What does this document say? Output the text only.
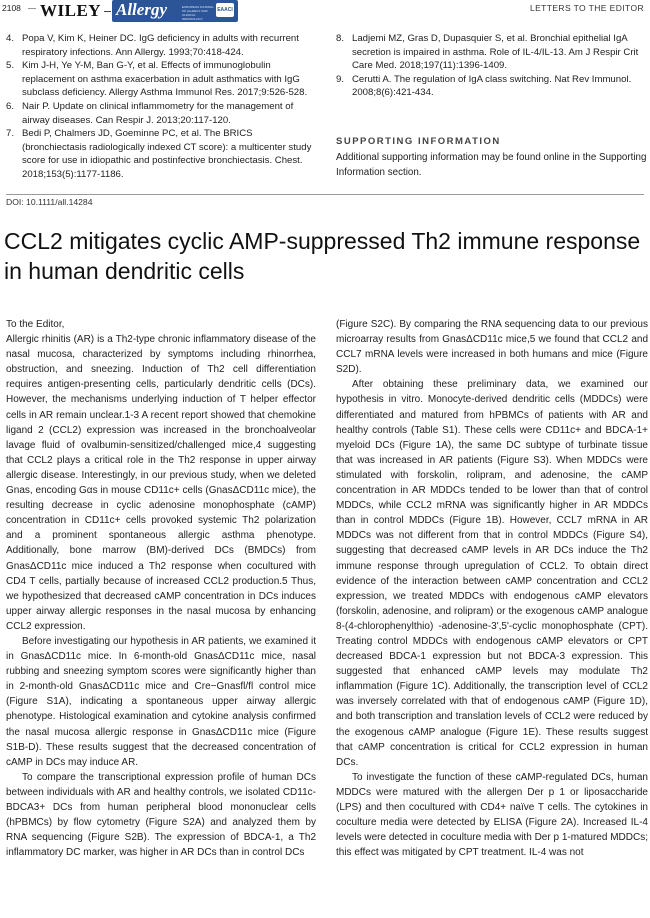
2108 WILEY Allergy	EUROPEAN JOURNAL OF ALLERGY AND CLINICAL IMMUNOLOGY
EAACI	LETTERS TO THE EDITOR
4. Popa V, Kim K, Heiner DC. IgG deficiency in adults with recurrent respiratory infections. Ann Allergy. 1993;70:418-424.
5. Kim J-H, Ye Y-M, Ban G-Y, et al. Effects of immunoglobulin replacement on asthma exacerbation in adult asthmatics with IgG subclass deficiency. Allergy Asthma Immunol Res. 2017;9:526-528.
6. Nair P. Update on clinical inflammometry for the management of airway diseases. Can Respir J. 2013;20:117-120.
7. Bedi P, Chalmers JD, Goeminne PC, et al. The BRICS (bronchiectasis radiologically indexed CT score): a multicenter study score for use in idiopathic and postinfective bronchiectasis. Chest. 2018;153(5):1177-1186.
8. Ladjemi MZ, Gras D, Dupasquier S, et al. Bronchial epithelial IgA secretion is impaired in asthma. Role of IL-4/IL-13. Am J Respir Crit Care Med. 2018;197(11):1396-1409.
9. Cerutti A. The regulation of IgA class switching. Nat Rev Immunol. 2008;8(6):421-434.
SUPPORTING INFORMATION
Additional supporting information may be found online in the Supporting Information section.
DOI: 10.1111/all.14284
CCL2 mitigates cyclic AMP-suppressed Th2 immune response in human dendritic cells

To the Editor,

Allergic rhinitis (AR) is a Th2-type chronic inflammatory disease of the nasal mucosa, characterized by symptoms including rhinorrhea, obstruction, and sneezing. Induction of Th2 cell differentiation requires antigen-presenting cells, particularly dendritic cells (DCs). However, the mechanisms underlying induction of T helper effector cells in AR remain unclear.1-3 A recent report showed that chemokine ligand 2 (CCL2) expression was increased in the bronchoalveolar lavage fluid of ovalbumin-sensitized/challenged mice,4 suggesting that CCL2 plays a critical role in the Th2 response in upper airway allergic disease. Interestingly, in our previous study, when we deleted Gnas, encoding Gαs in mouse CD11c+ cells (GnasΔCD11c mice), the resulting decrease in cyclic adenosine monophosphate (cAMP) concentration in CD11c+ cells provoked systemic Th2 polarization and a prominent spontaneous allergic asthma phenotype. Additionally, bone marrow (BM)-derived DCs (BMDCs) from GnasΔCD11c mice induced a Th2 response when cocultured with CD4 T cells, partially because of increased CCL2 production.5 Thus, we hypothesized that decreased cAMP concentration in DCs induces upper airway allergic responses in the nasal mucosa by enhancing CCL2 expression.

Before investigating our hypothesis in AR patients, we examined it in GnasΔCD11c mice. In 6-month-old GnasΔCD11c mice, nasal rubbing and sneezing symptom scores were significantly higher than in 2-month-old GnasΔCD11c mice and Cre−Gnasfl/fl control mice (Figure S1A), indicating a spontaneous upper airway allergic phenotype. Histological examination and cytokine analysis confirmed the nasal mucosa allergic response in GnasΔCD11c mice (Figure S1B-D). These results suggest that the decreased concentration of cAMP in DCs may induce AR.

To compare the transcriptional expression profile of human DCs between individuals with AR and healthy controls, we isolated CD11c-BDCA3+ DCs from human peripheral blood mononuclear cells (hPBMCs) by flow cytometry (Figure S2A) and analyzed them by RNA sequencing (Figure S2B). The expression of BDCA-1, a Th2 inflammatory DC marker, was higher in AR DCs than in control DCs

(Figure S2C). By comparing the RNA sequencing data to our previous microarray results from GnasΔCD11c mice,5 we found that CCL2 and CCL7 mRNA levels were increased in both humans and mice (Figure S2D).

After obtaining these preliminary data, we examined our hypothesis in vitro. Monocyte-derived dendritic cells (MDDCs) were differentiated and matured from hPBMCs of patients with AR and healthy controls (Table S1). These cells were CD11c+ and BDCA-1+ myeloid DCs (Figure 1A), the same DC subtype of turbinate tissue that was increased in AR patients (Figure S3). When MDDCs were stimulated with forskolin, rolipram, and adenosine, the cAMP concentration in AR MDDCs tended to be lower than that of control MDDCs, while CCL2 mRNA was significantly higher in AR MDDCs than in control MDDCs (Figure 1B). However, CCL7 mRNA in AR MDDCs was not different from that in control MDDCs (Figure S4), suggesting that decreased cAMP levels in AR DCs induce the Th2 immune response through upregulation of CCL2. To obtain direct evidence of the interaction between cAMP concentration and CCL2 expression, we treated MDDCs with endogenous cAMP elevators (forskolin, adenosine, and rolipram) or the exogenous cAMP analogue 8-(4-chlorophenylthio) -adenosine-3',5'-cyclic monophosphate (CPT). Treating control MDDCs with endogenous cAMP elevators or CPT decreased BDCA-1 expression but not BDCA-3 expression. This suggested that enhanced cAMP levels may modulate Th2 inflammation (Figure 1C). Additionally, the transcription level of CCL2 was inversely correlated with that of endogenous cAMP (Figure 1D), and both transcription and translation levels of CCL2 were reduced by the exogenous cAMP analogue (Figure 1E). These results suggest that cAMP concentration is critical for CCL2 expression in human DCs.

To investigate the function of these cAMP-regulated DCs, human MDDCs were matured with the allergen Der p 1 or liposaccharide (LPS) and then cocultured with CD4+ naïve T cells. The cytokines in coculture media were detected by ELISA (Figure 2A). Increased IL-4 levels were detected in coculture media with Der p 1-matured MDDCs; this effect was mitigated by CPT treatment. IL-4 was not
